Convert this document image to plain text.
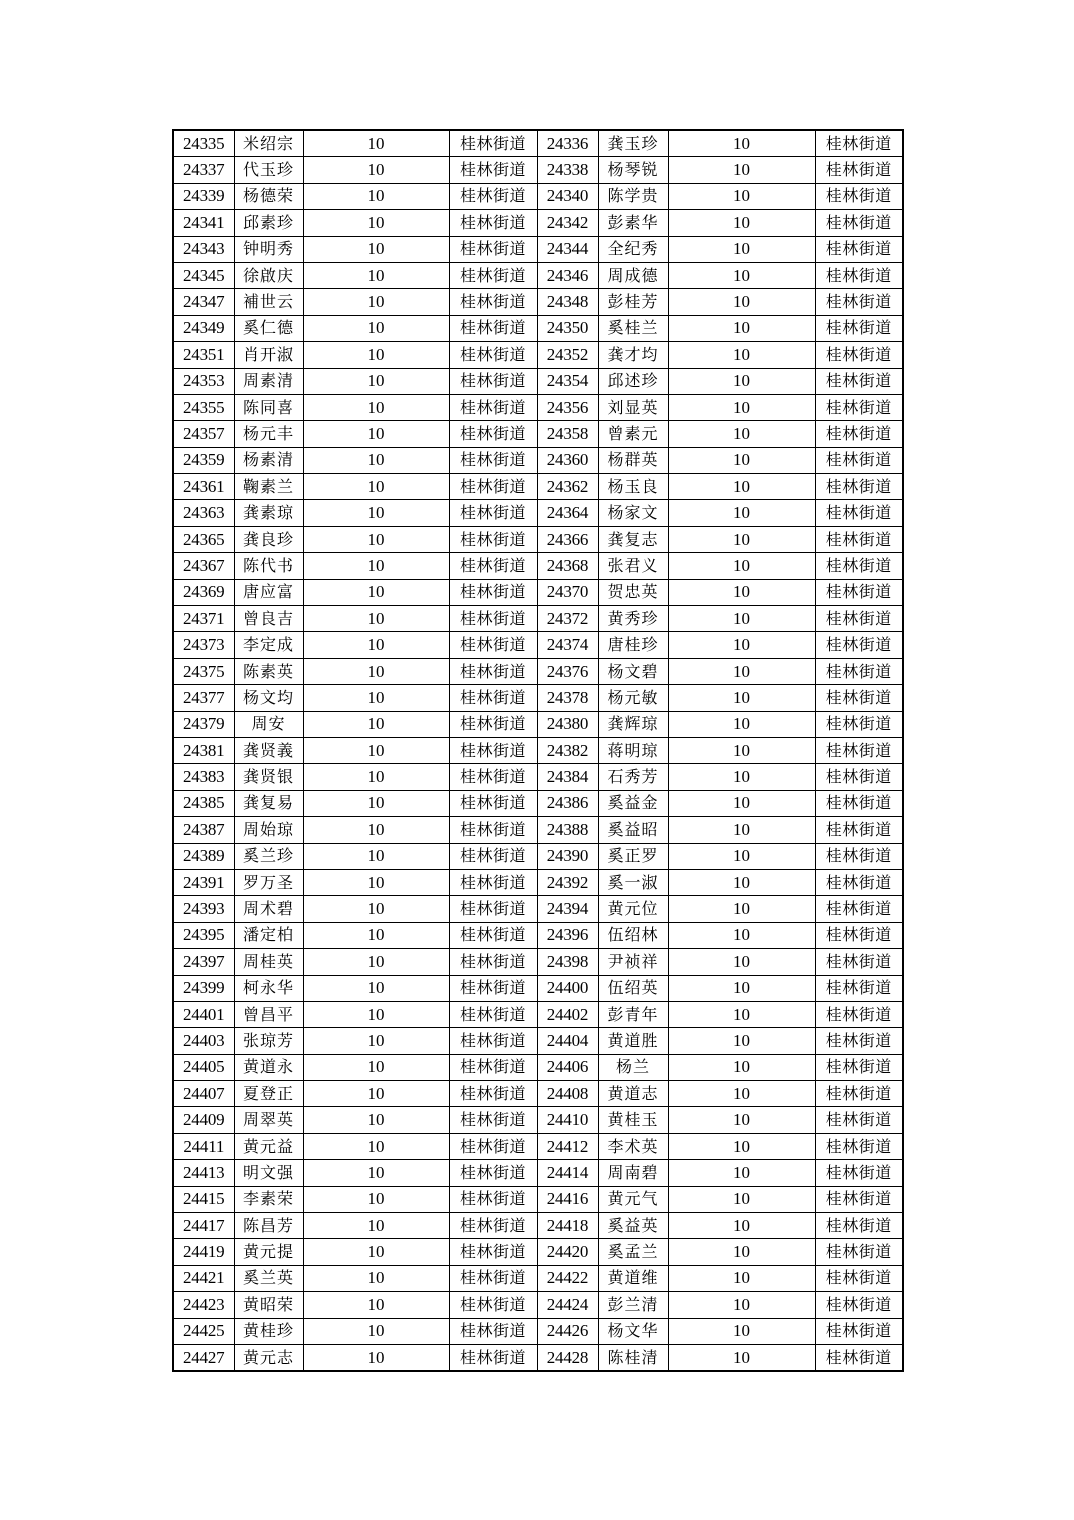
24335	米绍宗	10	桂林街道	24336	龚玉珍	10	桂林街道
24337	代玉珍	10	桂林街道	24338	杨琴锐	10	桂林街道
24339	杨德荣	10	桂林街道	24340	陈学贵	10	桂林街道
24341	邱素珍	10	桂林街道	24342	彭素华	10	桂林街道
24343	钟明秀	10	桂林街道	24344	全纪秀	10	桂林街道
24345	徐啟庆	10	桂林街道	24346	周成德	10	桂林街道
24347	補世云	10	桂林街道	24348	彭桂芳	10	桂林街道
24349	奚仁德	10	桂林街道	24350	奚桂兰	10	桂林街道
24351	肖开淑	10	桂林街道	24352	龚才均	10	桂林街道
24353	周素清	10	桂林街道	24354	邱述珍	10	桂林街道
24355	陈同喜	10	桂林街道	24356	刘显英	10	桂林街道
24357	杨元丰	10	桂林街道	24358	曾素元	10	桂林街道
24359	杨素清	10	桂林街道	24360	杨群英	10	桂林街道
24361	鞠素兰	10	桂林街道	24362	杨玉良	10	桂林街道
24363	龚素琼	10	桂林街道	24364	杨家文	10	桂林街道
24365	龚良珍	10	桂林街道	24366	龚复志	10	桂林街道
24367	陈代书	10	桂林街道	24368	张君义	10	桂林街道
24369	唐应富	10	桂林街道	24370	贺忠英	10	桂林街道
24371	曾良吉	10	桂林街道	24372	黄秀珍	10	桂林街道
24373	李定成	10	桂林街道	24374	唐桂珍	10	桂林街道
24375	陈素英	10	桂林街道	24376	杨文碧	10	桂林街道
24377	杨文均	10	桂林街道	24378	杨元敏	10	桂林街道
24379	周安	10	桂林街道	24380	龚辉琼	10	桂林街道
24381	龚贤義	10	桂林街道	24382	蒋明琼	10	桂林街道
24383	龚贤银	10	桂林街道	24384	石秀芳	10	桂林街道
24385	龚复易	10	桂林街道	24386	奚益金	10	桂林街道
24387	周始琼	10	桂林街道	24388	奚益昭	10	桂林街道
24389	奚兰珍	10	桂林街道	24390	奚正罗	10	桂林街道
24391	罗万圣	10	桂林街道	24392	奚一淑	10	桂林街道
24393	周术碧	10	桂林街道	24394	黄元位	10	桂林街道
24395	潘定柏	10	桂林街道	24396	伍绍林	10	桂林街道
24397	周桂英	10	桂林街道	24398	尹祯祥	10	桂林街道
24399	柯永华	10	桂林街道	24400	伍绍英	10	桂林街道
24401	曾昌平	10	桂林街道	24402	彭青年	10	桂林街道
24403	张琼芳	10	桂林街道	24404	黄道胜	10	桂林街道
24405	黄道永	10	桂林街道	24406	杨兰	10	桂林街道
24407	夏登正	10	桂林街道	24408	黄道志	10	桂林街道
24409	周翠英	10	桂林街道	24410	黄桂玉	10	桂林街道
24411	黄元益	10	桂林街道	24412	李术英	10	桂林街道
24413	明文强	10	桂林街道	24414	周南碧	10	桂林街道
24415	李素荣	10	桂林街道	24416	黄元气	10	桂林街道
24417	陈昌芳	10	桂林街道	24418	奚益英	10	桂林街道
24419	黄元提	10	桂林街道	24420	奚孟兰	10	桂林街道
24421	奚兰英	10	桂林街道	24422	黄道维	10	桂林街道
24423	黄昭荣	10	桂林街道	24424	彭兰清	10	桂林街道
24425	黄桂珍	10	桂林街道	24426	杨文华	10	桂林街道
24427	黄元志	10	桂林街道	24428	陈桂清	10	桂林街道
